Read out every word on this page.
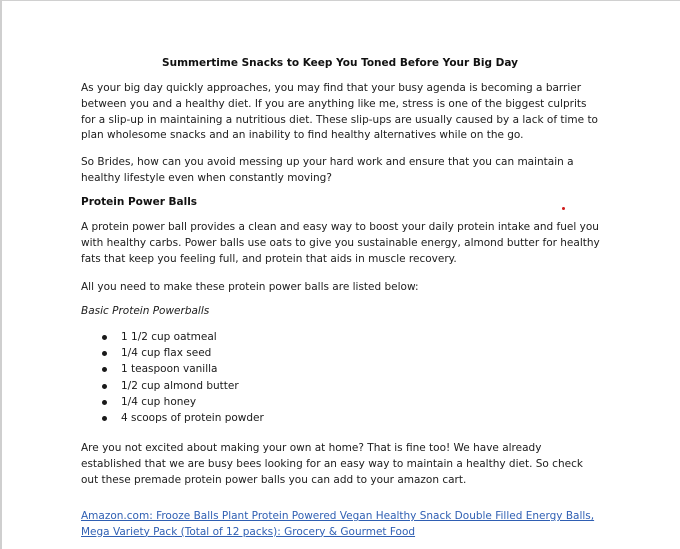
Summertime Snacks to Keep You Toned Before Your Big Day

As your big day quickly approaches, you may find that your busy agenda is becoming a barrier between you and a healthy diet. If you are anything like me, stress is one of the biggest culprits for a slip-up in maintaining a nutritious diet. These slip-ups are usually caused by a lack of time to plan wholesome snacks and an inability to find healthy alternatives while on the go.

So Brides, how can you avoid messing up your hard work and ensure that you can maintain a healthy lifestyle even when constantly moving?

Protein Power Balls

A protein power ball provides a clean and easy way to boost your daily protein intake and fuel you with healthy carbs. Power balls use oats to give you sustainable energy, almond butter for healthy fats that keep you feeling full, and protein that aids in muscle recovery.

All you need to make these protein power balls are listed below:
Basic Protein Powerballs
1 1/2 cup oatmeal
1/4 cup flax seed
1 teaspoon vanilla
1/2 cup almond butter
1/4 cup honey
4 scoops of protein powder

Are you not excited about making your own at home? That is fine too! We have already established that we are busy bees looking for an easy way to maintain a healthy diet. So check out these premade protein power balls you can add to your amazon cart.

Amazon.com: Frooze Balls Plant Protein Powered Vegan Healthy Snack Double Filled Energy Balls, Mega Variety Pack (Total of 12 packs): Grocery & Gourmet Food
